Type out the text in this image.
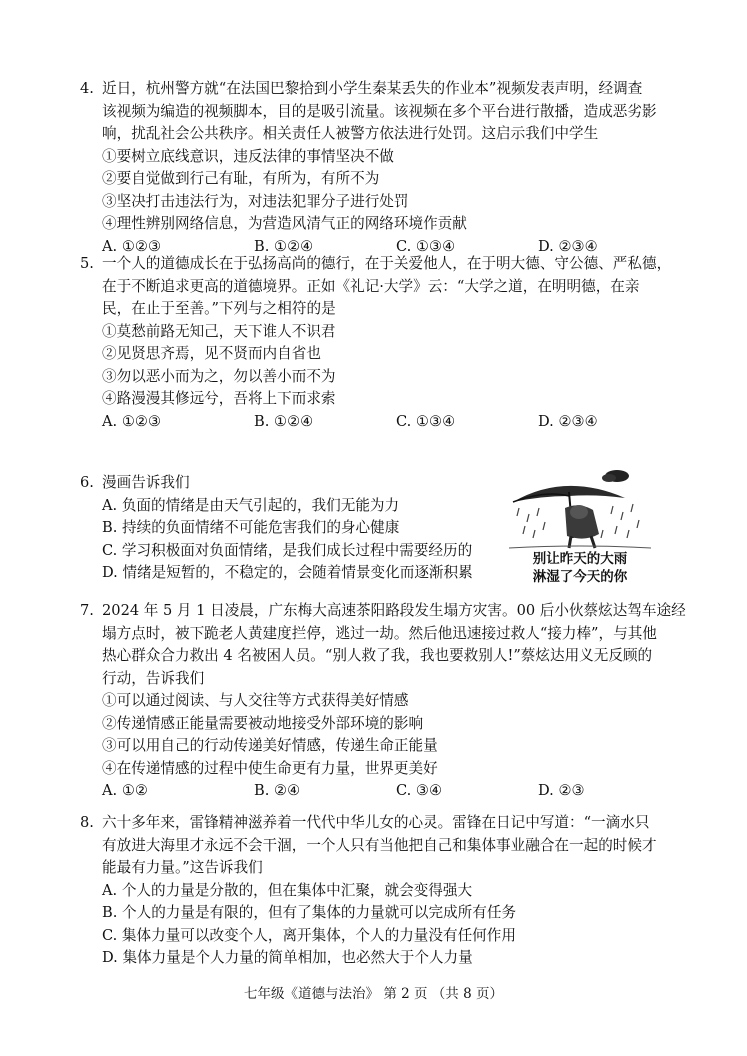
4. 近日，杭州警方就“在法国巴黎拾到小学生秦某丢失的作业本”视频发表声明，经调查
该视频为编造的视频脚本，目的是吸引流量。该视频在多个平台进行散播，造成恶劣影
响，扰乱社会公共秩序。相关责任人被警方依法进行处罚。这启示我们中学生
①要树立底线意识，违反法律的事情坚决不做
②要自觉做到行己有耻，有所为，有所不为
③坚决打击违法行为，对违法犯罪分子进行处罚
④理性辨别网络信息，为营造风清气正的网络环境作贡献
A. ①②③	B. ①②④	C. ①③④	D. ②③④
5. 一个人的道德成长在于弘扬高尚的德行，在于关爱他人，在于明大德、守公德、严私德，
在于不断追求更高的道德境界。正如《礼记·大学》云：“大学之道，在明明德，在亲
民，在止于至善。”下列与之相符的是
①莫愁前路无知己，天下谁人不识君
②见贤思齐焉，见不贤而内自省也
③勿以恶小而为之，勿以善小而不为
④路漫漫其修远兮，吾将上下而求索
A. ①②③	B. ①②④	C. ①③④	D. ②③④
6. 漫画告诉我们
A. 负面的情绪是由天气引起的，我们无能为力
B. 持续的负面情绪不可能危害我们的身心健康
C. 学习积极面对负面情绪，是我们成长过程中需要经历的
D. 情绪是短暂的，不稳定的，会随着情景变化而逐渐积累
别让昨天的大雨
淋湿了今天的你
7. 2024 年 5 月 1 日凌晨，广东梅大高速茶阳路段发生塌方灾害。00 后小伙蔡炫达驾车途经
塌方点时，被下跪老人黄建度拦停，逃过一劫。然后他迅速接过救人“接力棒”，与其他
热心群众合力救出 4 名被困人员。“别人救了我，我也要救别人!”蔡炫达用义无反顾的
行动，告诉我们
①可以通过阅读、与人交往等方式获得美好情感
②传递情感正能量需要被动地接受外部环境的影响
③可以用自己的行动传递美好情感，传递生命正能量
④在传递情感的过程中使生命更有力量，世界更美好
A. ①②	B. ②④	C. ③④	D. ②③
8. 六十多年来，雷锋精神滋养着一代代中华儿女的心灵。雷锋在日记中写道：“一滴水只
有放进大海里才永远不会干涸，一个人只有当他把自己和集体事业融合在一起的时候才
能最有力量。”这告诉我们
A. 个人的力量是分散的，但在集体中汇聚，就会变得强大
B. 个人的力量是有限的，但有了集体的力量就可以完成所有任务
C. 集体力量可以改变个人，离开集体，个人的力量没有任何作用
D. 集体力量是个人力量的简单相加，也必然大于个人力量
七年级《道德与法治》 第 2 页 （共 8 页）
